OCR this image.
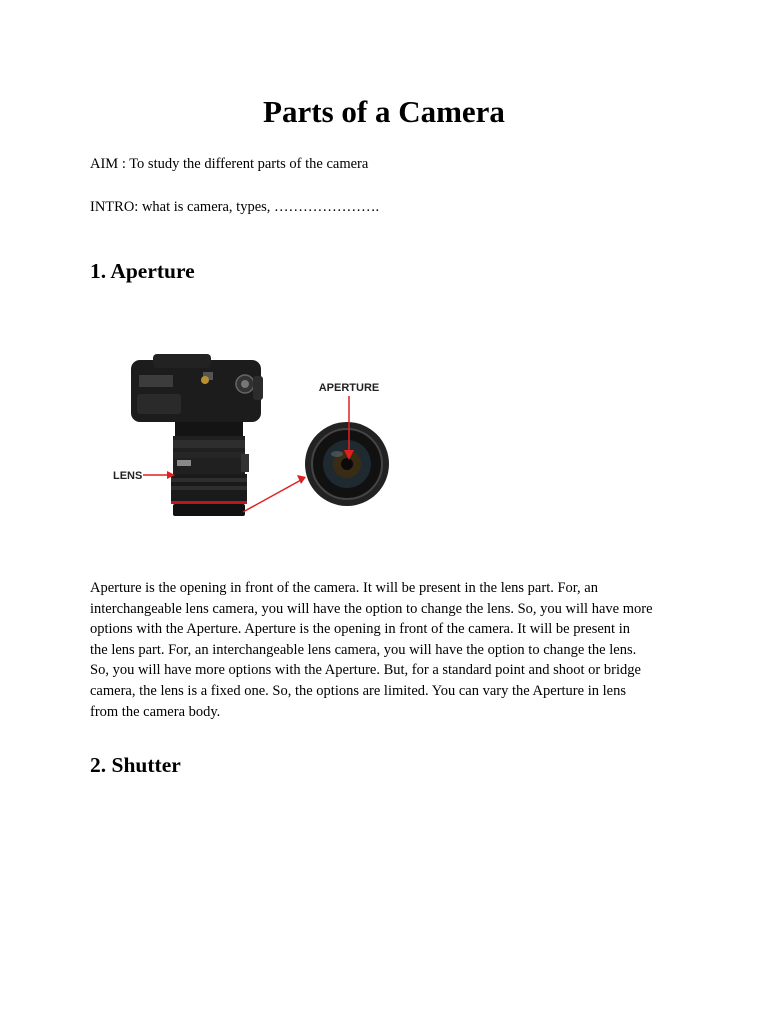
Parts of a Camera

AIM : To study the different parts of the camera

INTRO: what is camera, types, ………………….

1. Aperture
APERTURE
LENS

Aperture is the opening in front of the camera. It will be present in the lens part. For, an
interchangeable lens camera, you will have the option to change the lens. So, you will have more
options with the Aperture. Aperture is the opening in front of the camera. It will be present in
the lens part. For, an interchangeable lens camera, you will have the option to change the lens.
So, you will have more options with the Aperture. But, for a standard point and shoot or bridge
camera, the lens is a fixed one. So, the options are limited. You can vary the Aperture in lens
from the camera body.

2. Shutter
